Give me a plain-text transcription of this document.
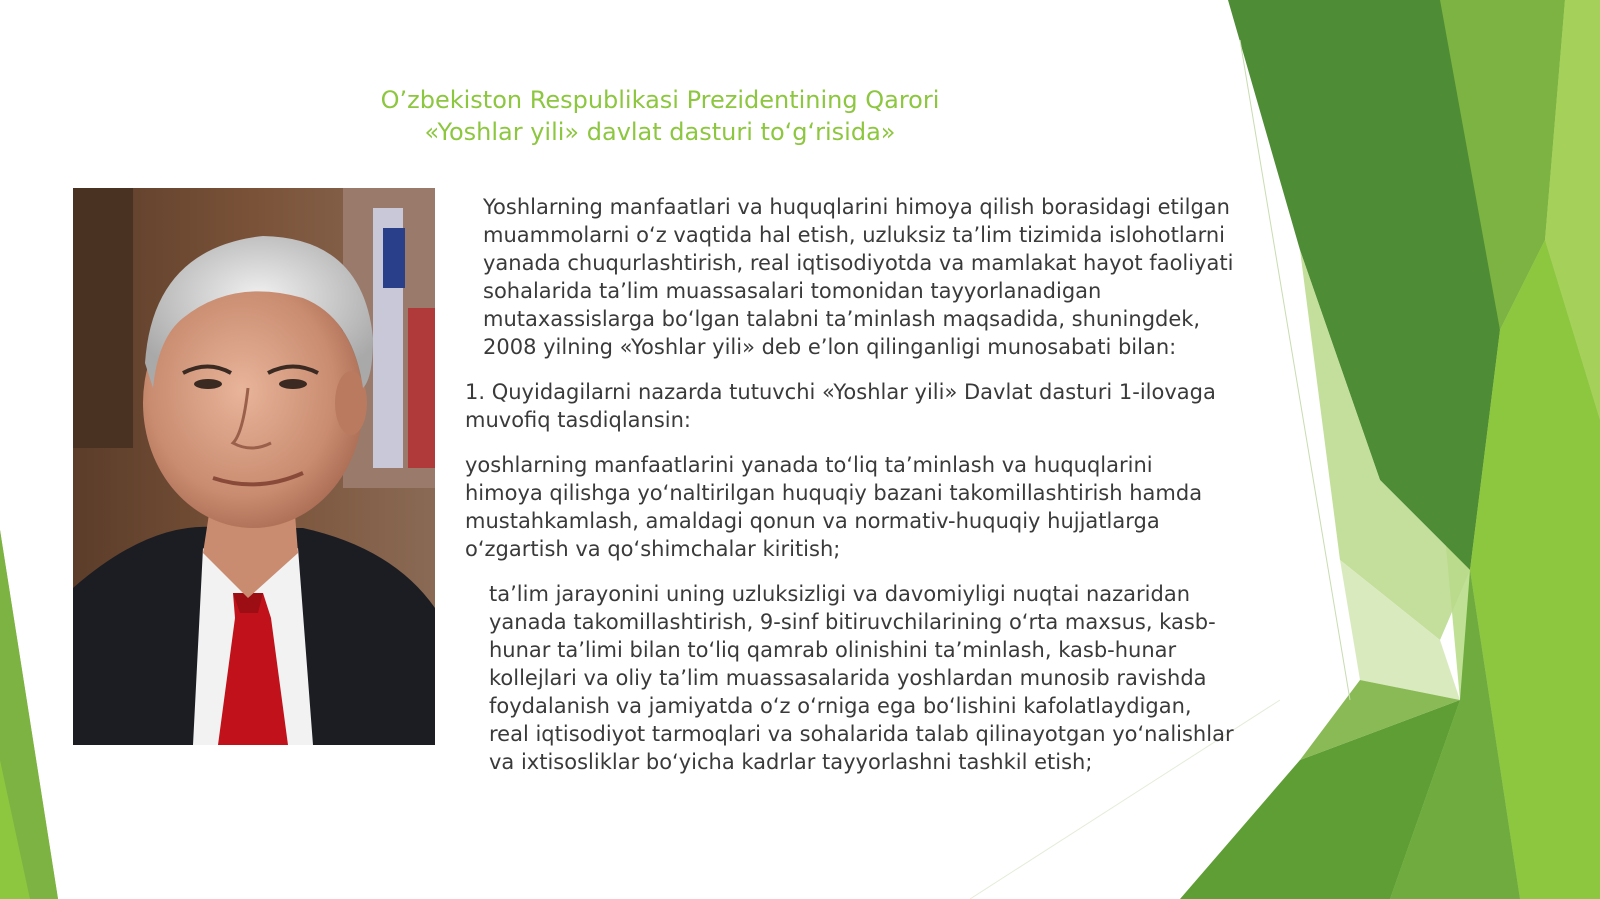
O’zbekiston Respublikasi Prezidentining Qarori
«Yoshlar yili» davlat dasturi to‘g‘risida»

Yoshlarning manfaatlari va huquqlarini himoya qilish borasidagi etilgan muammolarni o‘z vaqtida hal etish, uzluksiz ta’lim tizimida islohotlarni yanada chuqurlashtirish, real iqtisodiyotda va mamlakat hayot faoliyati sohalarida ta’lim muassasalari tomonidan tayyorlanadigan mutaxassislarga bo‘lgan talabni ta’minlash maqsadida, shuningdek, 2008 yilning «Yoshlar yili» deb e’lon qilinganligi munosabati bilan:

1. Quyidagilarni nazarda tutuvchi «Yoshlar yili» Davlat dasturi 1-ilovaga muvofiq tasdiqlansin:

yoshlarning manfaatlarini yanada to‘liq ta’minlash va huquqlarini himoya qilishga yo‘naltirilgan huquqiy bazani takomillashtirish hamda mustahkamlash, amaldagi qonun va normativ-huquqiy hujjatlarga o‘zgartish va qo‘shimchalar kiritish;

ta’lim jarayonini uning uzluksizligi va davomiyligi nuqtai nazaridan yanada takomillashtirish, 9-sinf bitiruvchilarining o‘rta maxsus, kasb-hunar ta’limi bilan to‘liq qamrab olinishini ta’minlash, kasb-hunar kollejlari va oliy ta’lim muassasalarida yoshlardan munosib ravishda foydalanish va jamiyatda o‘z o‘rniga ega bo‘lishini kafolatlaydigan, real iqtisodiyot tarmoqlari va sohalarida talab qilinayotgan yo‘nalishlar va ixtisosliklar bo‘yicha kadrlar tayyorlashni tashkil etish;
